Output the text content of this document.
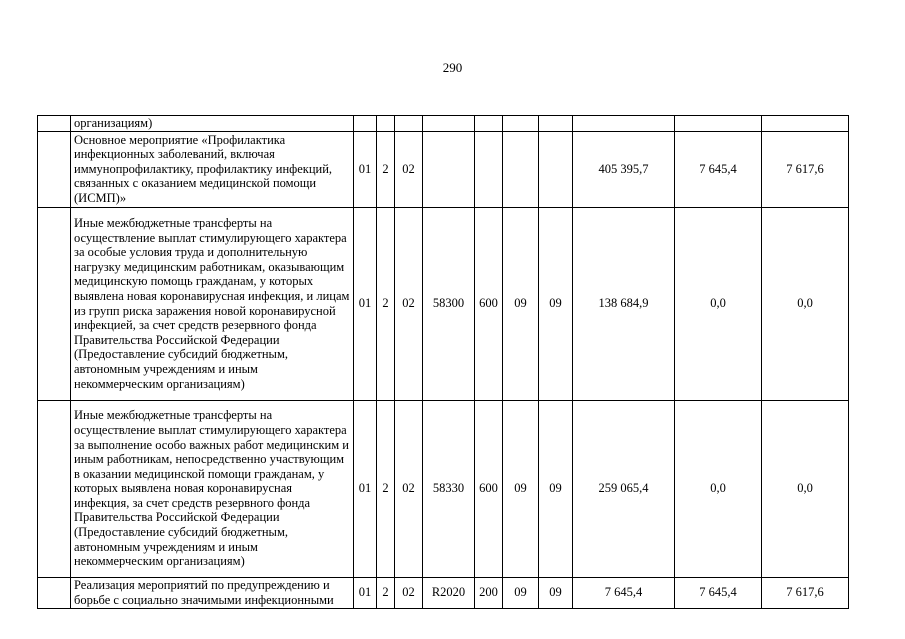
290
	организациям)										
	Основное мероприятие «Профилактика инфекционных заболеваний, включая иммунопрофилактику, профилактику инфекций, связанных с оказанием медицинской помощи (ИСМП)»	01	2	02					405 395,7	7 645,4	7 617,6
	Иные межбюджетные трансферты на осуществление выплат стимулирующего характера за особые условия труда и дополнительную нагрузку медицинским работникам, оказывающим медицинскую помощь гражданам, у которых выявлена новая коронавирусная инфекция, и лицам из групп риска заражения новой коронавирусной инфекцией, за счет средств резервного фонда Правительства Российской Федерации (Предоставление субсидий бюджетным, автономным учреждениям и иным некоммерческим организациям)	01	2	02	58300	600	09	09	138 684,9	0,0	0,0
	Иные межбюджетные трансферты на осуществление выплат стимулирующего характера за выполнение особо важных работ медицинским и иным работникам, непосредственно участвующим в оказании медицинской помощи гражданам, у которых выявлена новая коронавирусная инфекция, за счет средств резервного фонда Правительства Российской Федерации (Предоставление субсидий бюджетным, автономным учреждениям и иным некоммерческим организациям)	01	2	02	58330	600	09	09	259 065,4	0,0	0,0
	Реализация мероприятий по предупреждению и борьбе с социально значимыми инфекционными	01	2	02	R2020	200	09	09	7 645,4	7 645,4	7 617,6
